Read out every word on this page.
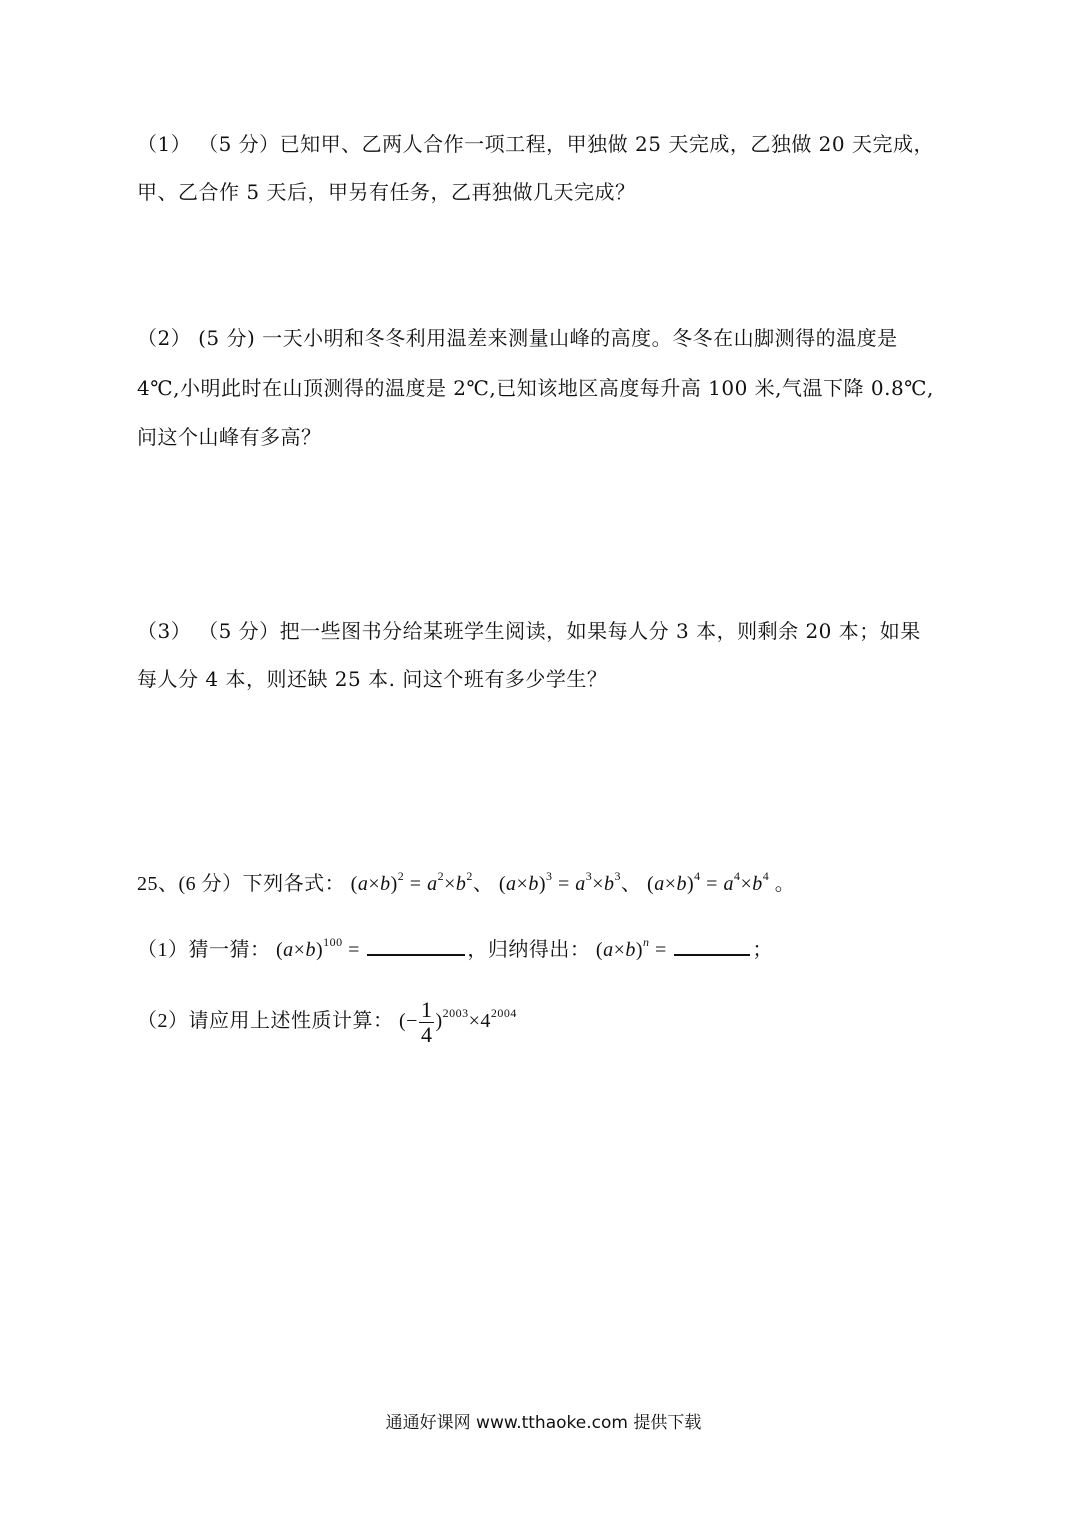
（1） （5 分）已知甲、乙两人合作一项工程，甲独做 25 天完成，乙独做 20 天完成，
甲、乙合作 5 天后，甲另有任务，乙再独做几天完成？
（2） (5 分) 一天小明和冬冬利用温差来测量山峰的高度。冬冬在山脚测得的温度是
4℃,小明此时在山顶测得的温度是 2℃,已知该地区高度每升高 100 米,气温下降 0.8℃,
问这个山峰有多高？
（3） （5 分）把一些图书分给某班学生阅读，如果每人分 3 本，则剩余 20 本；如果
每人分 4 本，则还缺 25 本. 问这个班有多少学生？
25、(6 分）下列各式： $(a\times b)^2 = a^2\times b^2$、 $(a\times b)^3 = a^3\times b^3$、 $(a\times b)^4 = a^4\times b^4$ 。
（1）猜一猜： $(a\times b)^{100}$ =	，归纳得出： $(a\times b)^n$ =	；
（2）请应用上述性质计算： (− $\frac{1}{4} )^{2003}\times 4^{2004}$
通通好课网 www.tthaoke.com 提供下载
